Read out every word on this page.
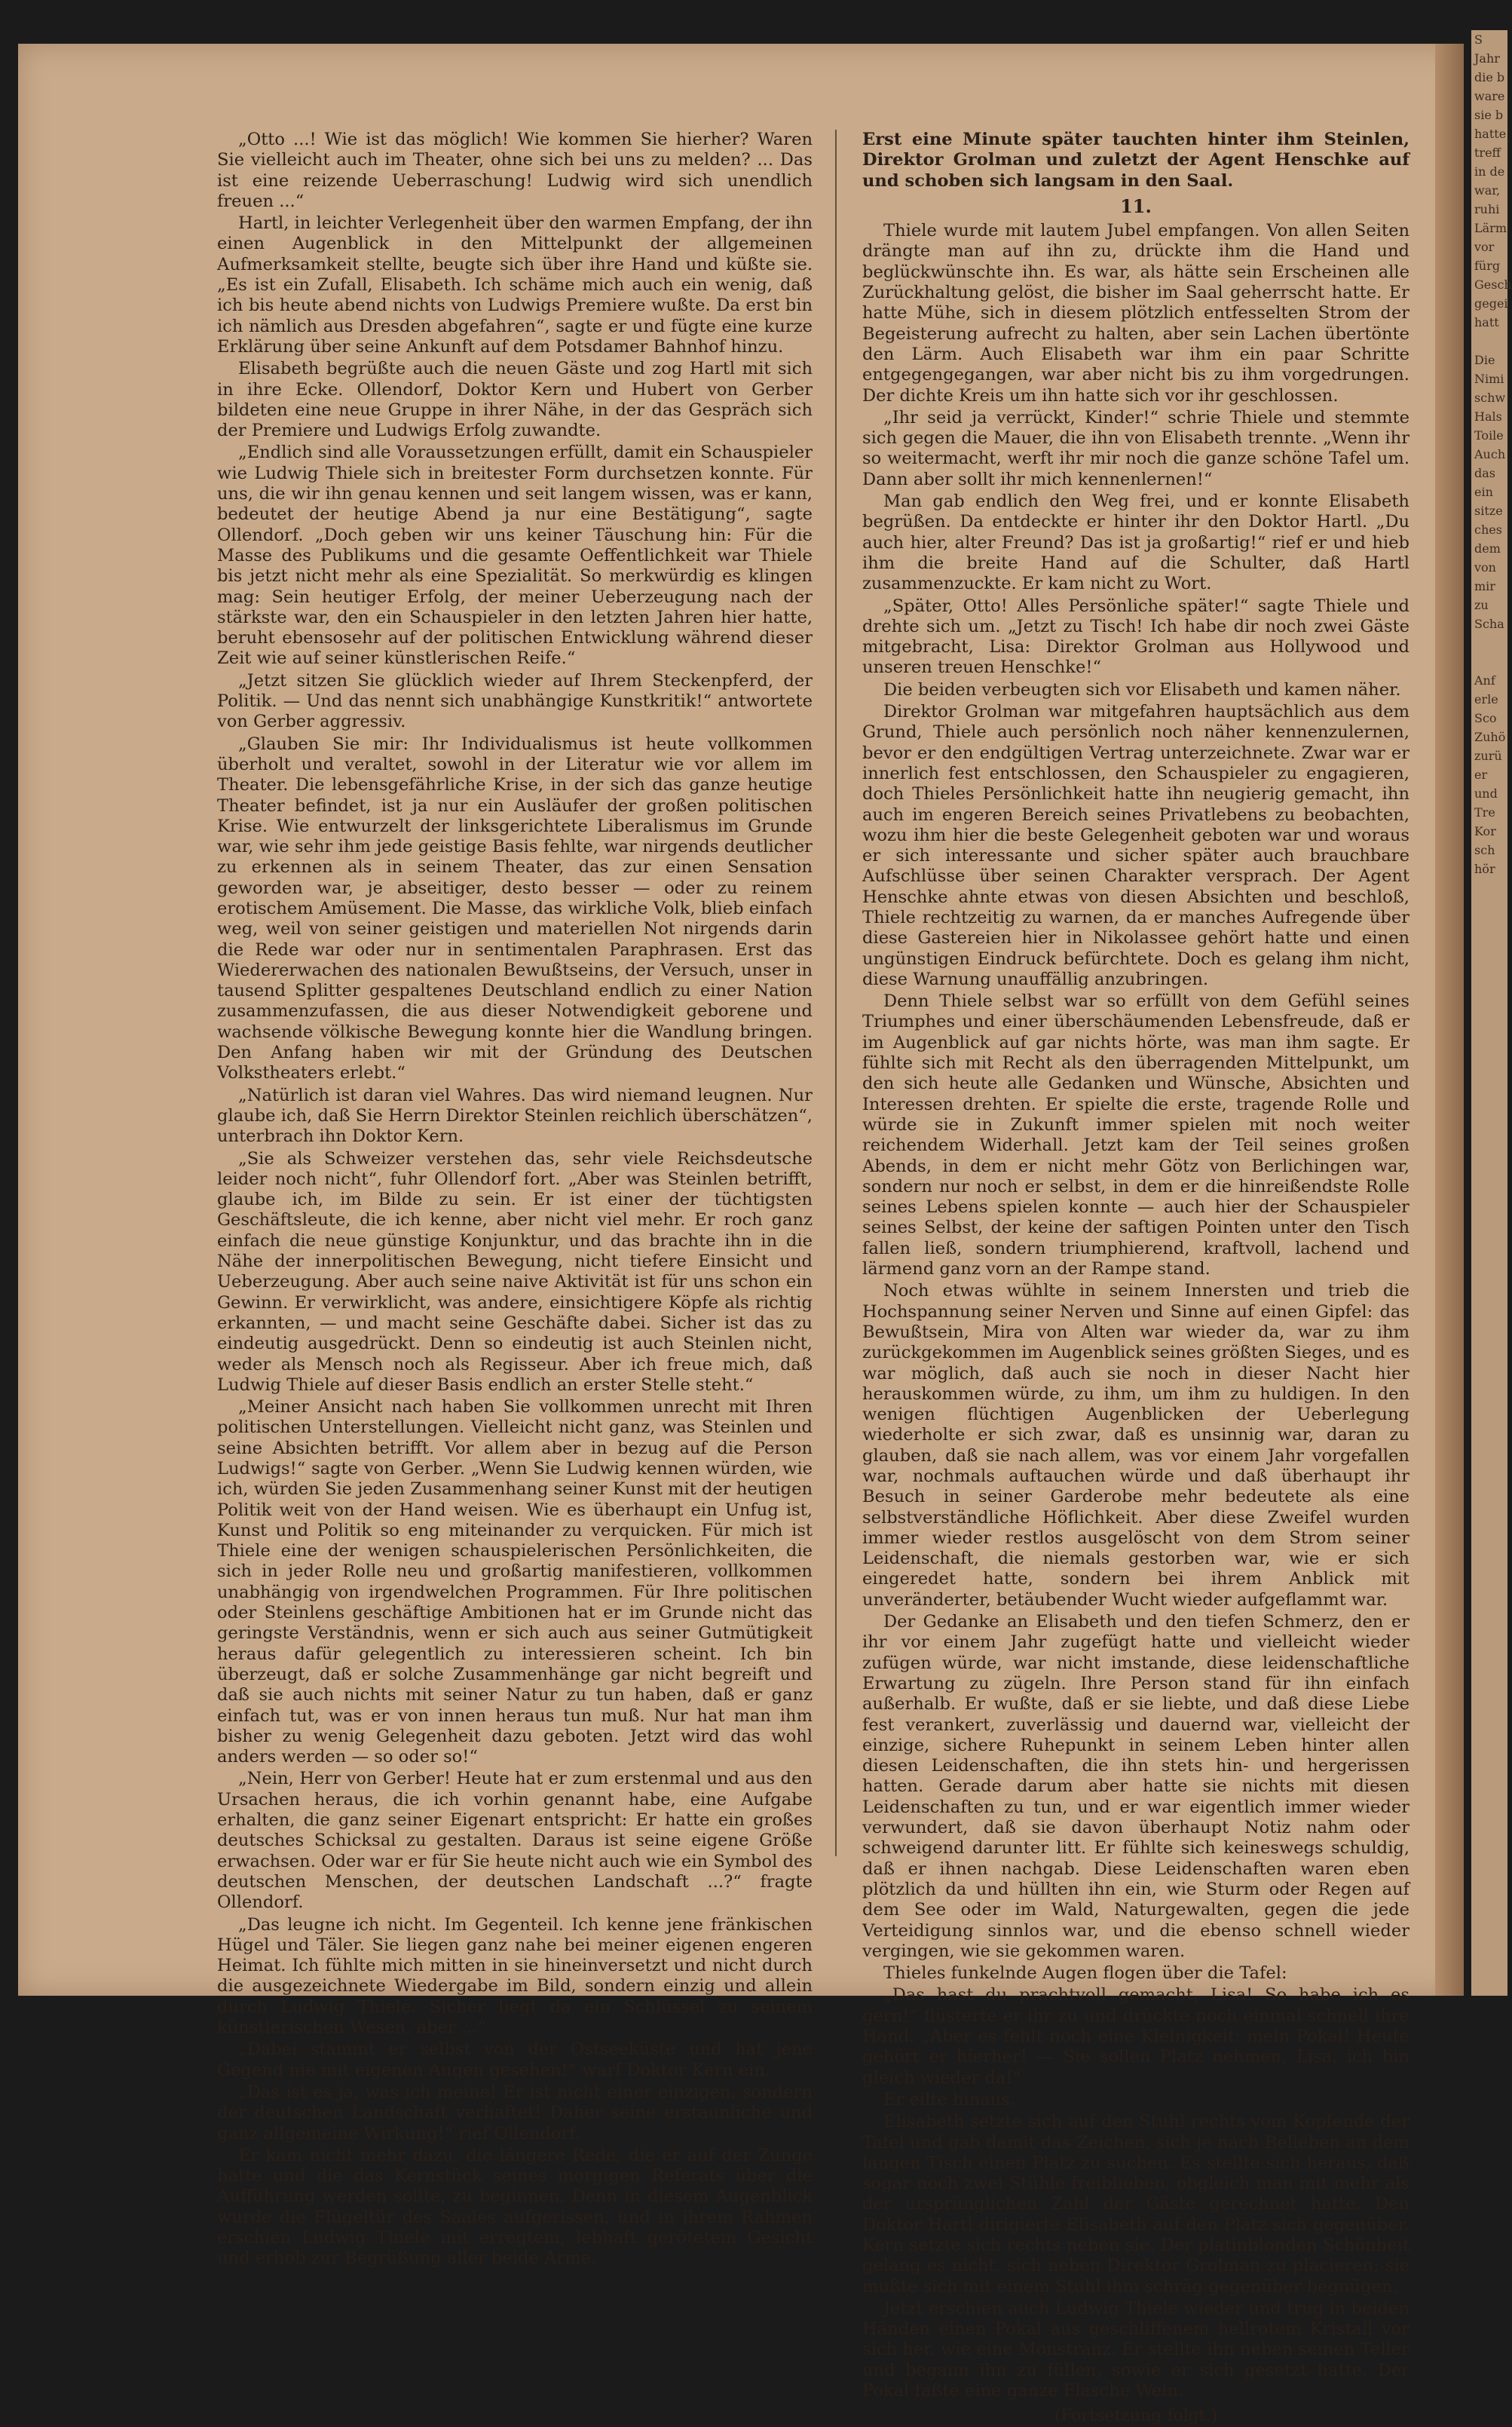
S
Jahr
die b
ware
sie b
hatte
treff
in de
war,
ruhi
Lärm
vor
fürg
Gesch
gegei
hatt

Die
Nimi
schw
Hals
Toile
Auch
das
ein
sitze
ches
dem
von
mir
zu
Scha

Anf
erle
Sco
Zuhö
zurü
er
und
Tre
Kor
sch
hör

„Otto ...! Wie ist das möglich! Wie kommen Sie hierher? Waren Sie vielleicht auch im Theater, ohne sich bei uns zu melden? ... Das ist eine reizende Ueberraschung! Ludwig wird sich unendlich freuen ...“

Hartl, in leichter Verlegenheit über den warmen Empfang, der ihn einen Augenblick in den Mittelpunkt der allgemeinen Aufmerksamkeit stellte, beugte sich über ihre Hand und küßte sie. „Es ist ein Zufall, Elisabeth. Ich schäme mich auch ein wenig, daß ich bis heute abend nichts von Ludwigs Premiere wußte. Da erst bin ich nämlich aus Dresden abgefahren“, sagte er und fügte eine kurze Erklärung über seine Ankunft auf dem Potsdamer Bahnhof hinzu.

Elisabeth begrüßte auch die neuen Gäste und zog Hartl mit sich in ihre Ecke. Ollendorf, Doktor Kern und Hubert von Gerber bildeten eine neue Gruppe in ihrer Nähe, in der das Gespräch sich der Premiere und Ludwigs Erfolg zuwandte.

„Endlich sind alle Voraussetzungen erfüllt, damit ein Schauspieler wie Ludwig Thiele sich in breitester Form durchsetzen konnte. Für uns, die wir ihn genau kennen und seit langem wissen, was er kann, bedeutet der heutige Abend ja nur eine Bestätigung“, sagte Ollendorf. „Doch geben wir uns keiner Täuschung hin: Für die Masse des Publikums und die gesamte Oeffentlichkeit war Thiele bis jetzt nicht mehr als eine Spezialität. So merkwürdig es klingen mag: Sein heutiger Erfolg, der meiner Ueberzeugung nach der stärkste war, den ein Schauspieler in den letzten Jahren hier hatte, beruht ebensosehr auf der politischen Entwicklung während dieser Zeit wie auf seiner künstlerischen Reife.“

„Jetzt sitzen Sie glücklich wieder auf Ihrem Steckenpferd, der Politik. — Und das nennt sich unabhängige Kunstkritik!“ antwortete von Gerber aggressiv.

„Glauben Sie mir: Ihr Individualismus ist heute vollkommen überholt und veraltet, sowohl in der Literatur wie vor allem im Theater. Die lebensgefährliche Krise, in der sich das ganze heutige Theater befindet, ist ja nur ein Ausläufer der großen politischen Krise. Wie entwurzelt der linksgerichtete Liberalismus im Grunde war, wie sehr ihm jede geistige Basis fehlte, war nirgends deutlicher zu erkennen als in seinem Theater, das zur einen Sensation geworden war, je abseitiger, desto besser — oder zu reinem erotischem Amüsement. Die Masse, das wirkliche Volk, blieb einfach weg, weil von seiner geistigen und materiellen Not nirgends darin die Rede war oder nur in sentimentalen Paraphrasen. Erst das Wiedererwachen des nationalen Bewußtseins, der Versuch, unser in tausend Splitter gespaltenes Deutschland endlich zu einer Nation zusammenzufassen, die aus dieser Notwendigkeit geborene und wachsende völkische Bewegung konnte hier die Wandlung bringen. Den Anfang haben wir mit der Gründung des Deutschen Volkstheaters erlebt.“

„Natürlich ist daran viel Wahres. Das wird niemand leugnen. Nur glaube ich, daß Sie Herrn Direktor Steinlen reichlich überschätzen“, unterbrach ihn Doktor Kern.

„Sie als Schweizer verstehen das, sehr viele Reichsdeutsche leider noch nicht“, fuhr Ollendorf fort. „Aber was Steinlen betrifft, glaube ich, im Bilde zu sein. Er ist einer der tüchtigsten Geschäftsleute, die ich kenne, aber nicht viel mehr. Er roch ganz einfach die neue günstige Konjunktur, und das brachte ihn in die Nähe der innerpolitischen Bewegung, nicht tiefere Einsicht und Ueberzeugung. Aber auch seine naive Aktivität ist für uns schon ein Gewinn. Er verwirklicht, was andere, einsichtigere Köpfe als richtig erkannten, — und macht seine Geschäfte dabei. Sicher ist das zu eindeutig ausgedrückt. Denn so eindeutig ist auch Steinlen nicht, weder als Mensch noch als Regisseur. Aber ich freue mich, daß Ludwig Thiele auf dieser Basis endlich an erster Stelle steht.“

„Meiner Ansicht nach haben Sie vollkommen unrecht mit Ihren politischen Unterstellungen. Vielleicht nicht ganz, was Steinlen und seine Absichten betrifft. Vor allem aber in bezug auf die Person Ludwigs!“ sagte von Gerber. „Wenn Sie Ludwig kennen würden, wie ich, würden Sie jeden Zusammenhang seiner Kunst mit der heutigen Politik weit von der Hand weisen. Wie es überhaupt ein Unfug ist, Kunst und Politik so eng miteinander zu verquicken. Für mich ist Thiele eine der wenigen schauspielerischen Persönlichkeiten, die sich in jeder Rolle neu und großartig manifestieren, vollkommen unabhängig von irgendwelchen Programmen. Für Ihre politischen oder Steinlens geschäftige Ambitionen hat er im Grunde nicht das geringste Verständnis, wenn er sich auch aus seiner Gutmütigkeit heraus dafür gelegentlich zu interessieren scheint. Ich bin überzeugt, daß er solche Zusammenhänge gar nicht begreift und daß sie auch nichts mit seiner Natur zu tun haben, daß er ganz einfach tut, was er von innen heraus tun muß. Nur hat man ihm bisher zu wenig Gelegenheit dazu geboten. Jetzt wird das wohl anders werden — so oder so!“

„Nein, Herr von Gerber! Heute hat er zum erstenmal und aus den Ursachen heraus, die ich vorhin genannt habe, eine Aufgabe erhalten, die ganz seiner Eigenart entspricht: Er hatte ein großes deutsches Schicksal zu gestalten. Daraus ist seine eigene Größe erwachsen. Oder war er für Sie heute nicht auch wie ein Symbol des deutschen Menschen, der deutschen Landschaft ...?“ fragte Ollendorf.

„Das leugne ich nicht. Im Gegenteil. Ich kenne jene fränkischen Hügel und Täler. Sie liegen ganz nahe bei meiner eigenen engeren Heimat. Ich fühlte mich mitten in sie hineinversetzt und nicht durch die ausgezeichnete Wiedergabe im Bild, sondern einzig und allein durch Ludwig Thiele. Sicher liegt da ein Schlüssel zu seinem künstlerischen Wesen, aber ...“

„Dabei stammt er selbst von der Ostseeküste und hat jene Gegend nie mit eigenen Augen gesehen!“ warf Doktor Kern ein.

„Das ist es ja, was ich meine! Er ist nicht einer einzigen, sondern der deutschen Landschaft verhaftet! Daher seine erstaunliche und ganz allgemeine Wirkung!“ rief Ollendorf.

Er kam nicht mehr dazu, die längere Rede, die er auf der Zunge hatte und die das Kernstück seines morgigen Referats über die Aufführung werden sollte, zu beginnen. Denn in diesem Augenblick wurde die Flügeltür des Saales aufgerissen, und in ihrem Rahmen erschien Ludwig Thiele mit erregtem, lebhaft gerötetem Gesicht und erhob zur Begrüßung aller beide Arme.

Erst eine Minute später tauchten hinter ihm Steinlen, Direktor Grolman und zuletzt der Agent Henschke auf und schoben sich langsam in den Saal.

11.

Thiele wurde mit lautem Jubel empfangen. Von allen Seiten drängte man auf ihn zu, drückte ihm die Hand und beglückwünschte ihn. Es war, als hätte sein Erscheinen alle Zurückhaltung gelöst, die bisher im Saal geherrscht hatte. Er hatte Mühe, sich in diesem plötzlich entfesselten Strom der Begeisterung aufrecht zu halten, aber sein Lachen übertönte den Lärm. Auch Elisabeth war ihm ein paar Schritte entgegengegangen, war aber nicht bis zu ihm vorgedrungen. Der dichte Kreis um ihn hatte sich vor ihr geschlossen.

„Ihr seid ja verrückt, Kinder!“ schrie Thiele und stemmte sich gegen die Mauer, die ihn von Elisabeth trennte. „Wenn ihr so weitermacht, werft ihr mir noch die ganze schöne Tafel um. Dann aber sollt ihr mich kennenlernen!“

Man gab endlich den Weg frei, und er konnte Elisabeth begrüßen. Da entdeckte er hinter ihr den Doktor Hartl. „Du auch hier, alter Freund? Das ist ja großartig!“ rief er und hieb ihm die breite Hand auf die Schulter, daß Hartl zusammenzuckte. Er kam nicht zu Wort.

„Später, Otto! Alles Persönliche später!“ sagte Thiele und drehte sich um. „Jetzt zu Tisch! Ich habe dir noch zwei Gäste mitgebracht, Lisa: Direktor Grolman aus Hollywood und unseren treuen Henschke!“

Die beiden verbeugten sich vor Elisabeth und kamen näher.

Direktor Grolman war mitgefahren hauptsächlich aus dem Grund, Thiele auch persönlich noch näher kennenzulernen, bevor er den endgültigen Vertrag unterzeichnete. Zwar war er innerlich fest entschlossen, den Schauspieler zu engagieren, doch Thieles Persönlichkeit hatte ihn neugierig gemacht, ihn auch im engeren Bereich seines Privatlebens zu beobachten, wozu ihm hier die beste Gelegenheit geboten war und woraus er sich interessante und sicher später auch brauchbare Aufschlüsse über seinen Charakter versprach. Der Agent Henschke ahnte etwas von diesen Absichten und beschloß, Thiele rechtzeitig zu warnen, da er manches Aufregende über diese Gastereien hier in Nikolassee gehört hatte und einen ungünstigen Eindruck befürchtete. Doch es gelang ihm nicht, diese Warnung unauffällig anzubringen.

Denn Thiele selbst war so erfüllt von dem Gefühl seines Triumphes und einer überschäumenden Lebensfreude, daß er im Augenblick auf gar nichts hörte, was man ihm sagte. Er fühlte sich mit Recht als den überragenden Mittelpunkt, um den sich heute alle Gedanken und Wünsche, Absichten und Interessen drehten. Er spielte die erste, tragende Rolle und würde sie in Zukunft immer spielen mit noch weiter reichendem Widerhall. Jetzt kam der Teil seines großen Abends, in dem er nicht mehr Götz von Berlichingen war, sondern nur noch er selbst, in dem er die hinreißendste Rolle seines Lebens spielen konnte — auch hier der Schauspieler seines Selbst, der keine der saftigen Pointen unter den Tisch fallen ließ, sondern triumphierend, kraftvoll, lachend und lärmend ganz vorn an der Rampe stand.

Noch etwas wühlte in seinem Innersten und trieb die Hochspannung seiner Nerven und Sinne auf einen Gipfel: das Bewußtsein, Mira von Alten war wieder da, war zu ihm zurückgekommen im Augenblick seines größten Sieges, und es war möglich, daß auch sie noch in dieser Nacht hier herauskommen würde, zu ihm, um ihm zu huldigen. In den wenigen flüchtigen Augenblicken der Ueberlegung wiederholte er sich zwar, daß es unsinnig war, daran zu glauben, daß sie nach allem, was vor einem Jahr vorgefallen war, nochmals auftauchen würde und daß überhaupt ihr Besuch in seiner Garderobe mehr bedeutete als eine selbstverständliche Höflichkeit. Aber diese Zweifel wurden immer wieder restlos ausgelöscht von dem Strom seiner Leidenschaft, die niemals gestorben war, wie er sich eingeredet hatte, sondern bei ihrem Anblick mit unveränderter, betäubender Wucht wieder aufgeflammt war.

Der Gedanke an Elisabeth und den tiefen Schmerz, den er ihr vor einem Jahr zugefügt hatte und vielleicht wieder zufügen würde, war nicht imstande, diese leidenschaftliche Erwartung zu zügeln. Ihre Person stand für ihn einfach außerhalb. Er wußte, daß er sie liebte, und daß diese Liebe fest verankert, zuverlässig und dauernd war, vielleicht der einzige, sichere Ruhepunkt in seinem Leben hinter allen diesen Leidenschaften, die ihn stets hin- und hergerissen hatten. Gerade darum aber hatte sie nichts mit diesen Leidenschaften zu tun, und er war eigentlich immer wieder verwundert, daß sie davon überhaupt Notiz nahm oder schweigend darunter litt. Er fühlte sich keineswegs schuldig, daß er ihnen nachgab. Diese Leidenschaften waren eben plötzlich da und hüllten ihn ein, wie Sturm oder Regen auf dem See oder im Wald, Naturgewalten, gegen die jede Verteidigung sinnlos war, und die ebenso schnell wieder vergingen, wie sie gekommen waren.

Thieles funkelnde Augen flogen über die Tafel:

„Das hast du prachtvoll gemacht, Lisa! So habe ich es gern!“ flüsterte er ihr zu und drückte noch einmal schnell ihre Hand. „Aber es fehlt noch eine Kleinigkeit: mein Pokal! Heute gehört er hierher! — Sie sollen Platz nehmen, Lisa, ich bin gleich wieder da!“

Er eilte hinaus.

Elisabeth setzte sich auf den Stuhl rechts vom Kopfende der Tafel und gab damit das Zeichen, sich je nach Belieben an dem langen Tisch einen Platz zu suchen. Es stellte sich heraus, daß sogar noch zwei Stühle freiblieben, obgleich man mit mehr als der ursprünglichen Zahl der Gäste gerechnet hatte. Den Doktor Hartl dirigierte Elisabeth auf den Platz sich gegenüber. Kern setzte sich rechts neben sie. Der platinblonden Schönheit gelang es nicht, sich neben Direktor Grolman zu placieren; sie mußte sich mit einem Stuhl ihm schräg gegenüber begnügen.

Jetzt erschien auch Ludwig Thiele wieder und trug in beiden Händen einen Pokal aus geschliffenem hellrotem Kristall vor sich her, wie eine Monstranz. Er stellte ihn neben seinen Teller und begann ihn zu füllen, sowie er sich gesetzt hatte. Der Pokal faßte eine ganze Flasche Wein.

(Fortsetzung folgt.)
